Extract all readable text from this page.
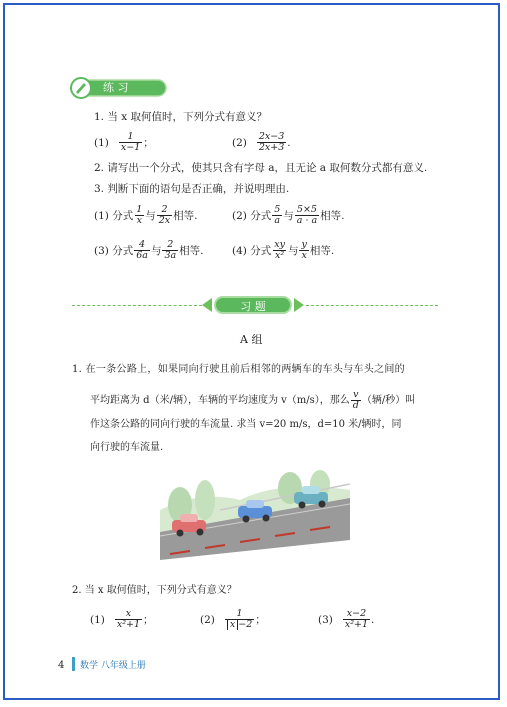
练 习
1. 当 x 取何值时，下列分式有意义？
$(1) \frac{1}{x-1}$ ；	$(2) \frac{2x-3}{2x+3}$ .
2. 请写出一个分式，使其只含有字母 a，且无论 a 取何数分式都有意义.
3. 判断下面的语句是否正确，并说明理由.
(1) 分式 $\frac{1}{x}$ 与 $\frac{2}{2x}$ 相等.	(2) 分式 $\frac{5}{a}$ 与 $\frac{5\times 5}{a \cdot a}$ 相等.
(3) 分式 $\frac{4}{6a}$ 与 $\frac{2}{3a}$ 相等.	(4) 分式 $\frac{xy}{\text{x²}}$ 与 $\frac{y}{x}$ 相等.
习 题
A 组
1. 在一条公路上，如果同向行驶且前后相邻的两辆车的车头与车头之间的
平均距离为 d（米/辆），车辆的平均速度为 v（m/s），那么 $\frac{v}{d}$ （辆/秒）叫
作这条公路的同向行驶的车流量. 求当 v=20 m/s，d=10 米/辆时，同
向行驶的车流量.
2. 当 x 取何值时，下列分式有意义？
$(1) \frac{x}{\text{x²+1}}$ ；	$(2) \frac{1}{x -2}$ ；	$(3) \frac{x-2}{\text{x²+1}}$ .
4 数学 八年级上册
